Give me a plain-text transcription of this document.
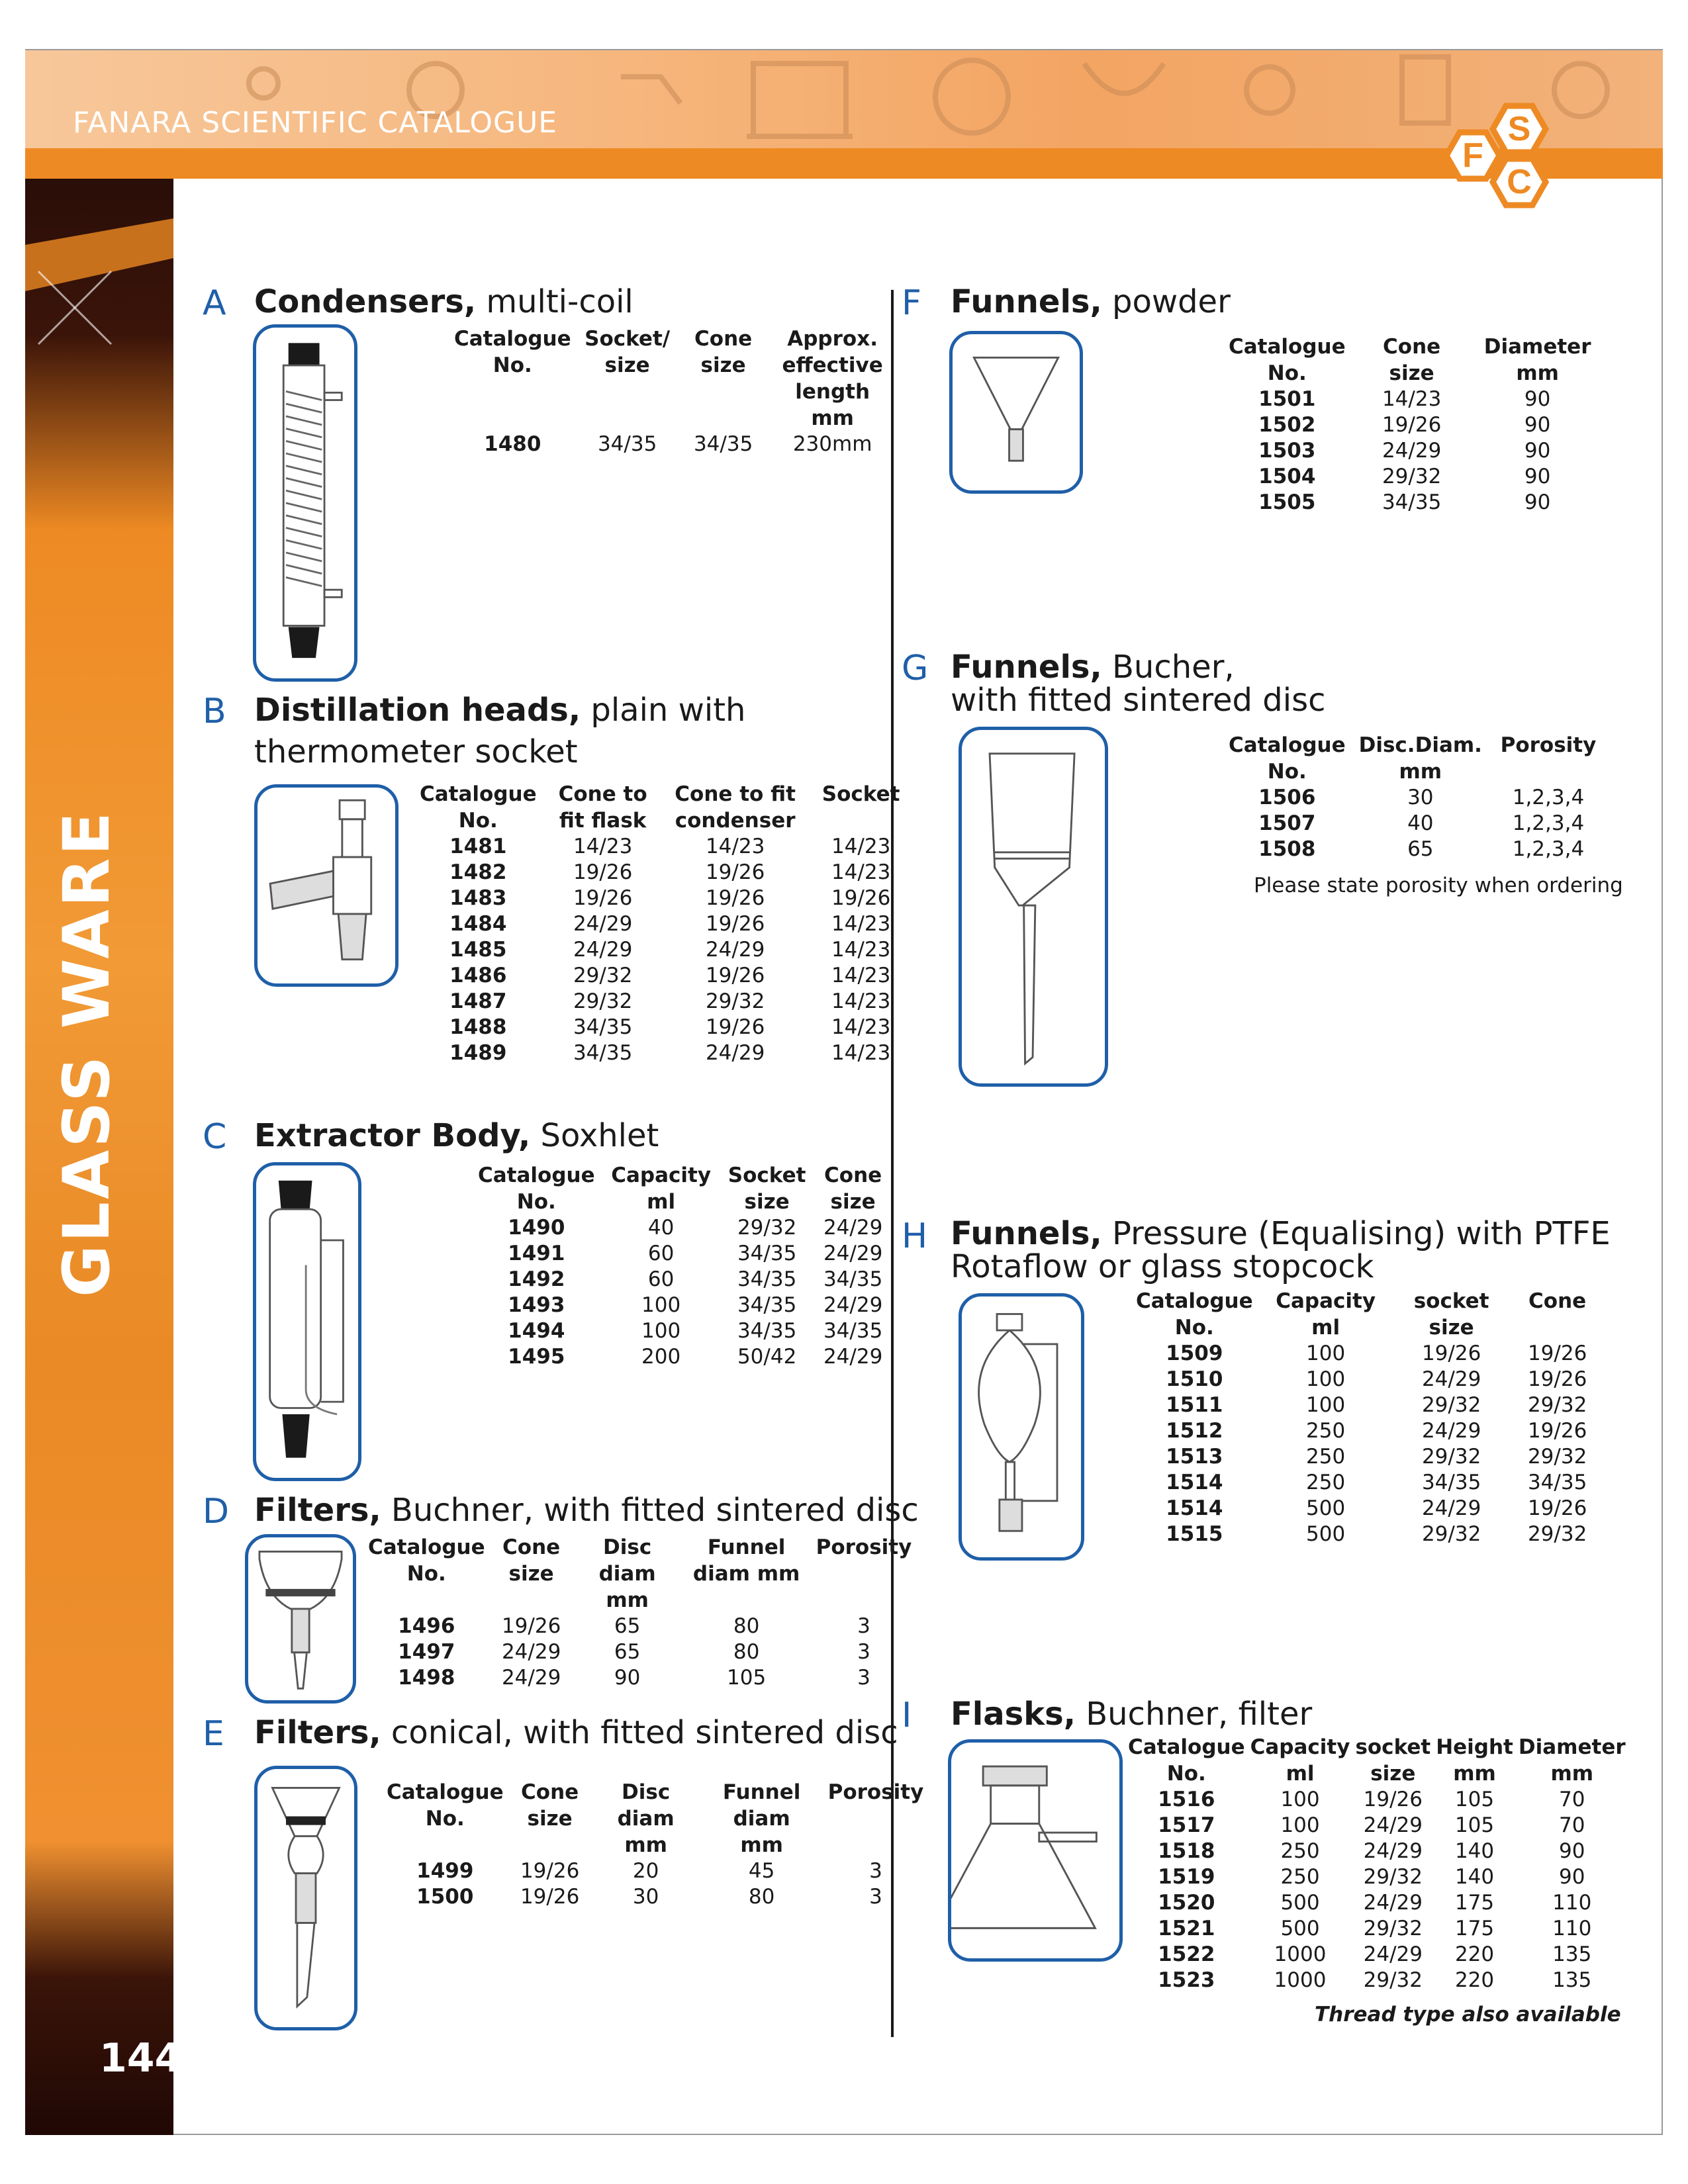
FANARA SCIENTIFIC CATALOGUE	S
F
C
GLASS WARE
144
A Condensers, multi-coil
Catalogue No.	Socket/ size	Cone size	Approx. effective length mm
1480	34/35	34/35	230mm
B Distillation heads, plain with
thermometer socket
Catalogue No.	Cone to fit flask	Cone to fit condenser	Socket
1481	14/23	14/23	14/23
1482	19/26	19/26	14/23
1483	19/26	19/26	19/26
1484	24/29	19/26	14/23
1485	24/29	24/29	14/23
1486	29/32	19/26	14/23
1487	29/32	29/32	14/23
1488	34/35	19/26	14/23
1489	34/35	24/29	14/23
C Extractor Body, Soxhlet
Catalogue No.	Capacity ml	Socket size	Cone size
1490	40	29/32	24/29
1491	60	34/35	24/29
1492	60	34/35	34/35
1493	100	34/35	24/29
1494	100	34/35	34/35
1495	200	50/42	24/29
D Filters, Buchner, with fitted sintered disc
Catalogue No.	Cone size	Disc diam mm	Funnel diam mm	Porosity
1496	19/26	65	80	3
1497	24/29	65	80	3
1498	24/29	90	105	3
E Filters, conical, with fitted sintered disc
Catalogue No.	Cone size	Disc diam mm	Funnel diam mm	Porosity
1499	19/26	20	45	3
1500	19/26	30	80	3
F Funnels, powder
Catalogue No.	Cone size	Diameter mm
1501	14/23	90
1502	19/26	90
1503	24/29	90
1504	29/32	90
1505	34/35	90
G Funnels, Bucher,
with fitted sintered disc
Catalogue No.	Disc.Diam. mm	Porosity
1506	30	1,2,3,4
1507	40	1,2,3,4
1508	65	1,2,3,4
Please state porosity when ordering
H Funnels, Pressure (Equalising) with PTFE
Rotaflow or glass stopcock
Catalogue No.	Capacity ml	socket size	Cone
1509	100	19/26	19/26
1510	100	24/29	19/26
1511	100	29/32	29/32
1512	250	24/29	19/26
1513	250	29/32	29/32
1514	250	34/35	34/35
1514	500	24/29	19/26
1515	500	29/32	29/32
I Flasks, Buchner, filter
Catalogue No.	Capacity ml	socket size	Height mm	Diameter mm
1516	100	19/26	105	70
1517	100	24/29	105	70
1518	250	24/29	140	90
1519	250	29/32	140	90
1520	500	24/29	175	110
1521	500	29/32	175	110
1522	1000	24/29	220	135
1523	1000	29/32	220	135
Thread type also available
